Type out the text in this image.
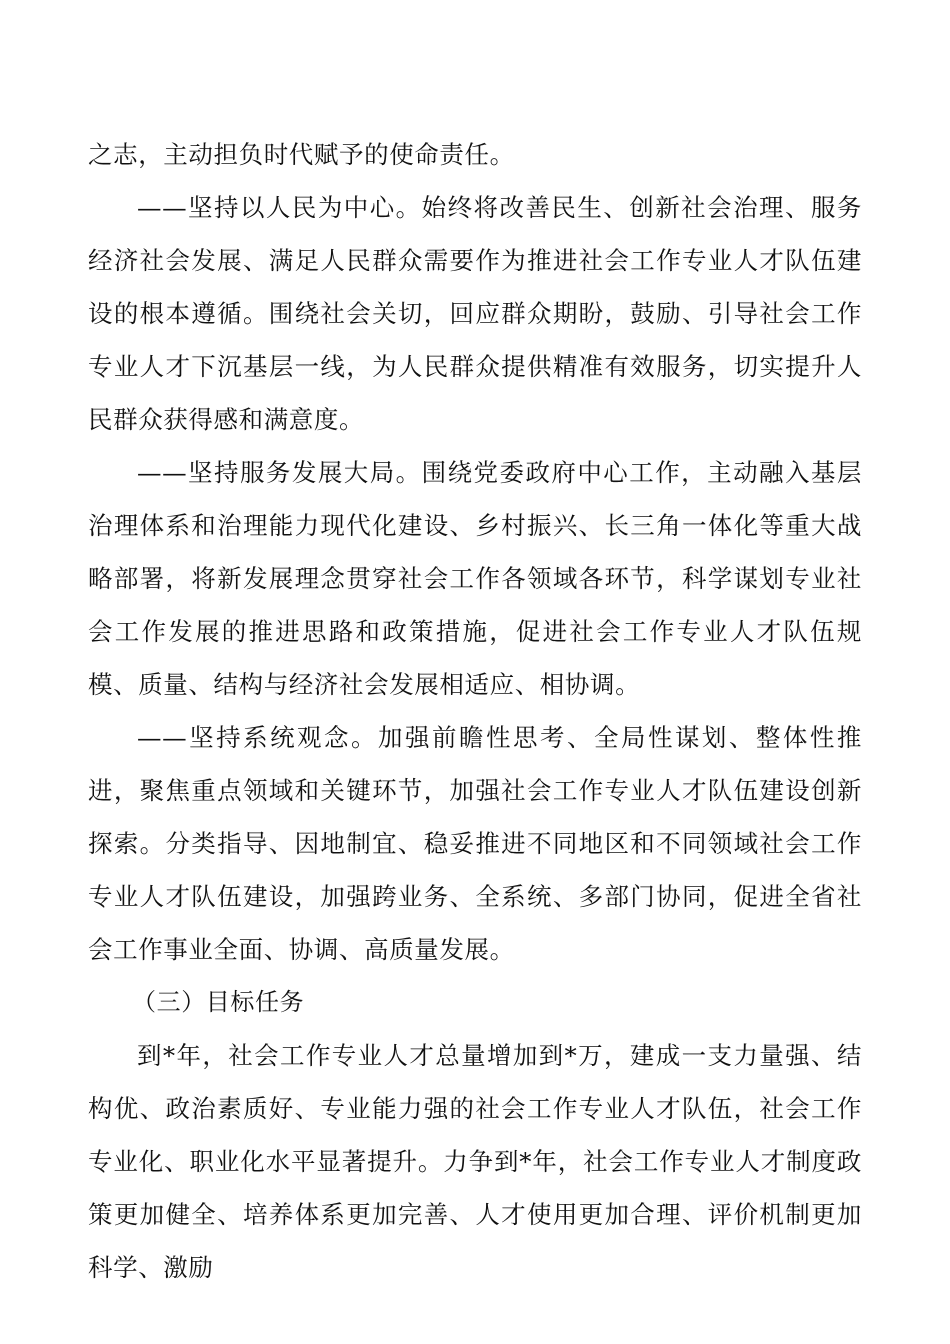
之志，主动担负时代赋予的使命责任。

——坚持以人民为中心。始终将改善民生、创新社会治理、服务经济社会发展、满足人民群众需要作为推进社会工作专业人才队伍建设的根本遵循。围绕社会关切，回应群众期盼，鼓励、引导社会工作专业人才下沉基层一线，为人民群众提供精准有效服务，切实提升人民群众获得感和满意度。

——坚持服务发展大局。围绕党委政府中心工作，主动融入基层治理体系和治理能力现代化建设、乡村振兴、长三角一体化等重大战略部署，将新发展理念贯穿社会工作各领域各环节，科学谋划专业社会工作发展的推进思路和政策措施，促进社会工作专业人才队伍规模、质量、结构与经济社会发展相适应、相协调。

——坚持系统观念。加强前瞻性思考、全局性谋划、整体性推进，聚焦重点领域和关键环节，加强社会工作专业人才队伍建设创新探索。分类指导、因地制宜、稳妥推进不同地区和不同领域社会工作专业人才队伍建设，加强跨业务、全系统、多部门协同，促进全省社会工作事业全面、协调、高质量发展。

（三）目标任务

到*年，社会工作专业人才总量增加到*万，建成一支力量强、结构优、政治素质好、专业能力强的社会工作专业人才队伍，社会工作专业化、职业化水平显著提升。力争到*年，社会工作专业人才制度政策更加健全、培养体系更加完善、人才使用更加合理、评价机制更加科学、激励
